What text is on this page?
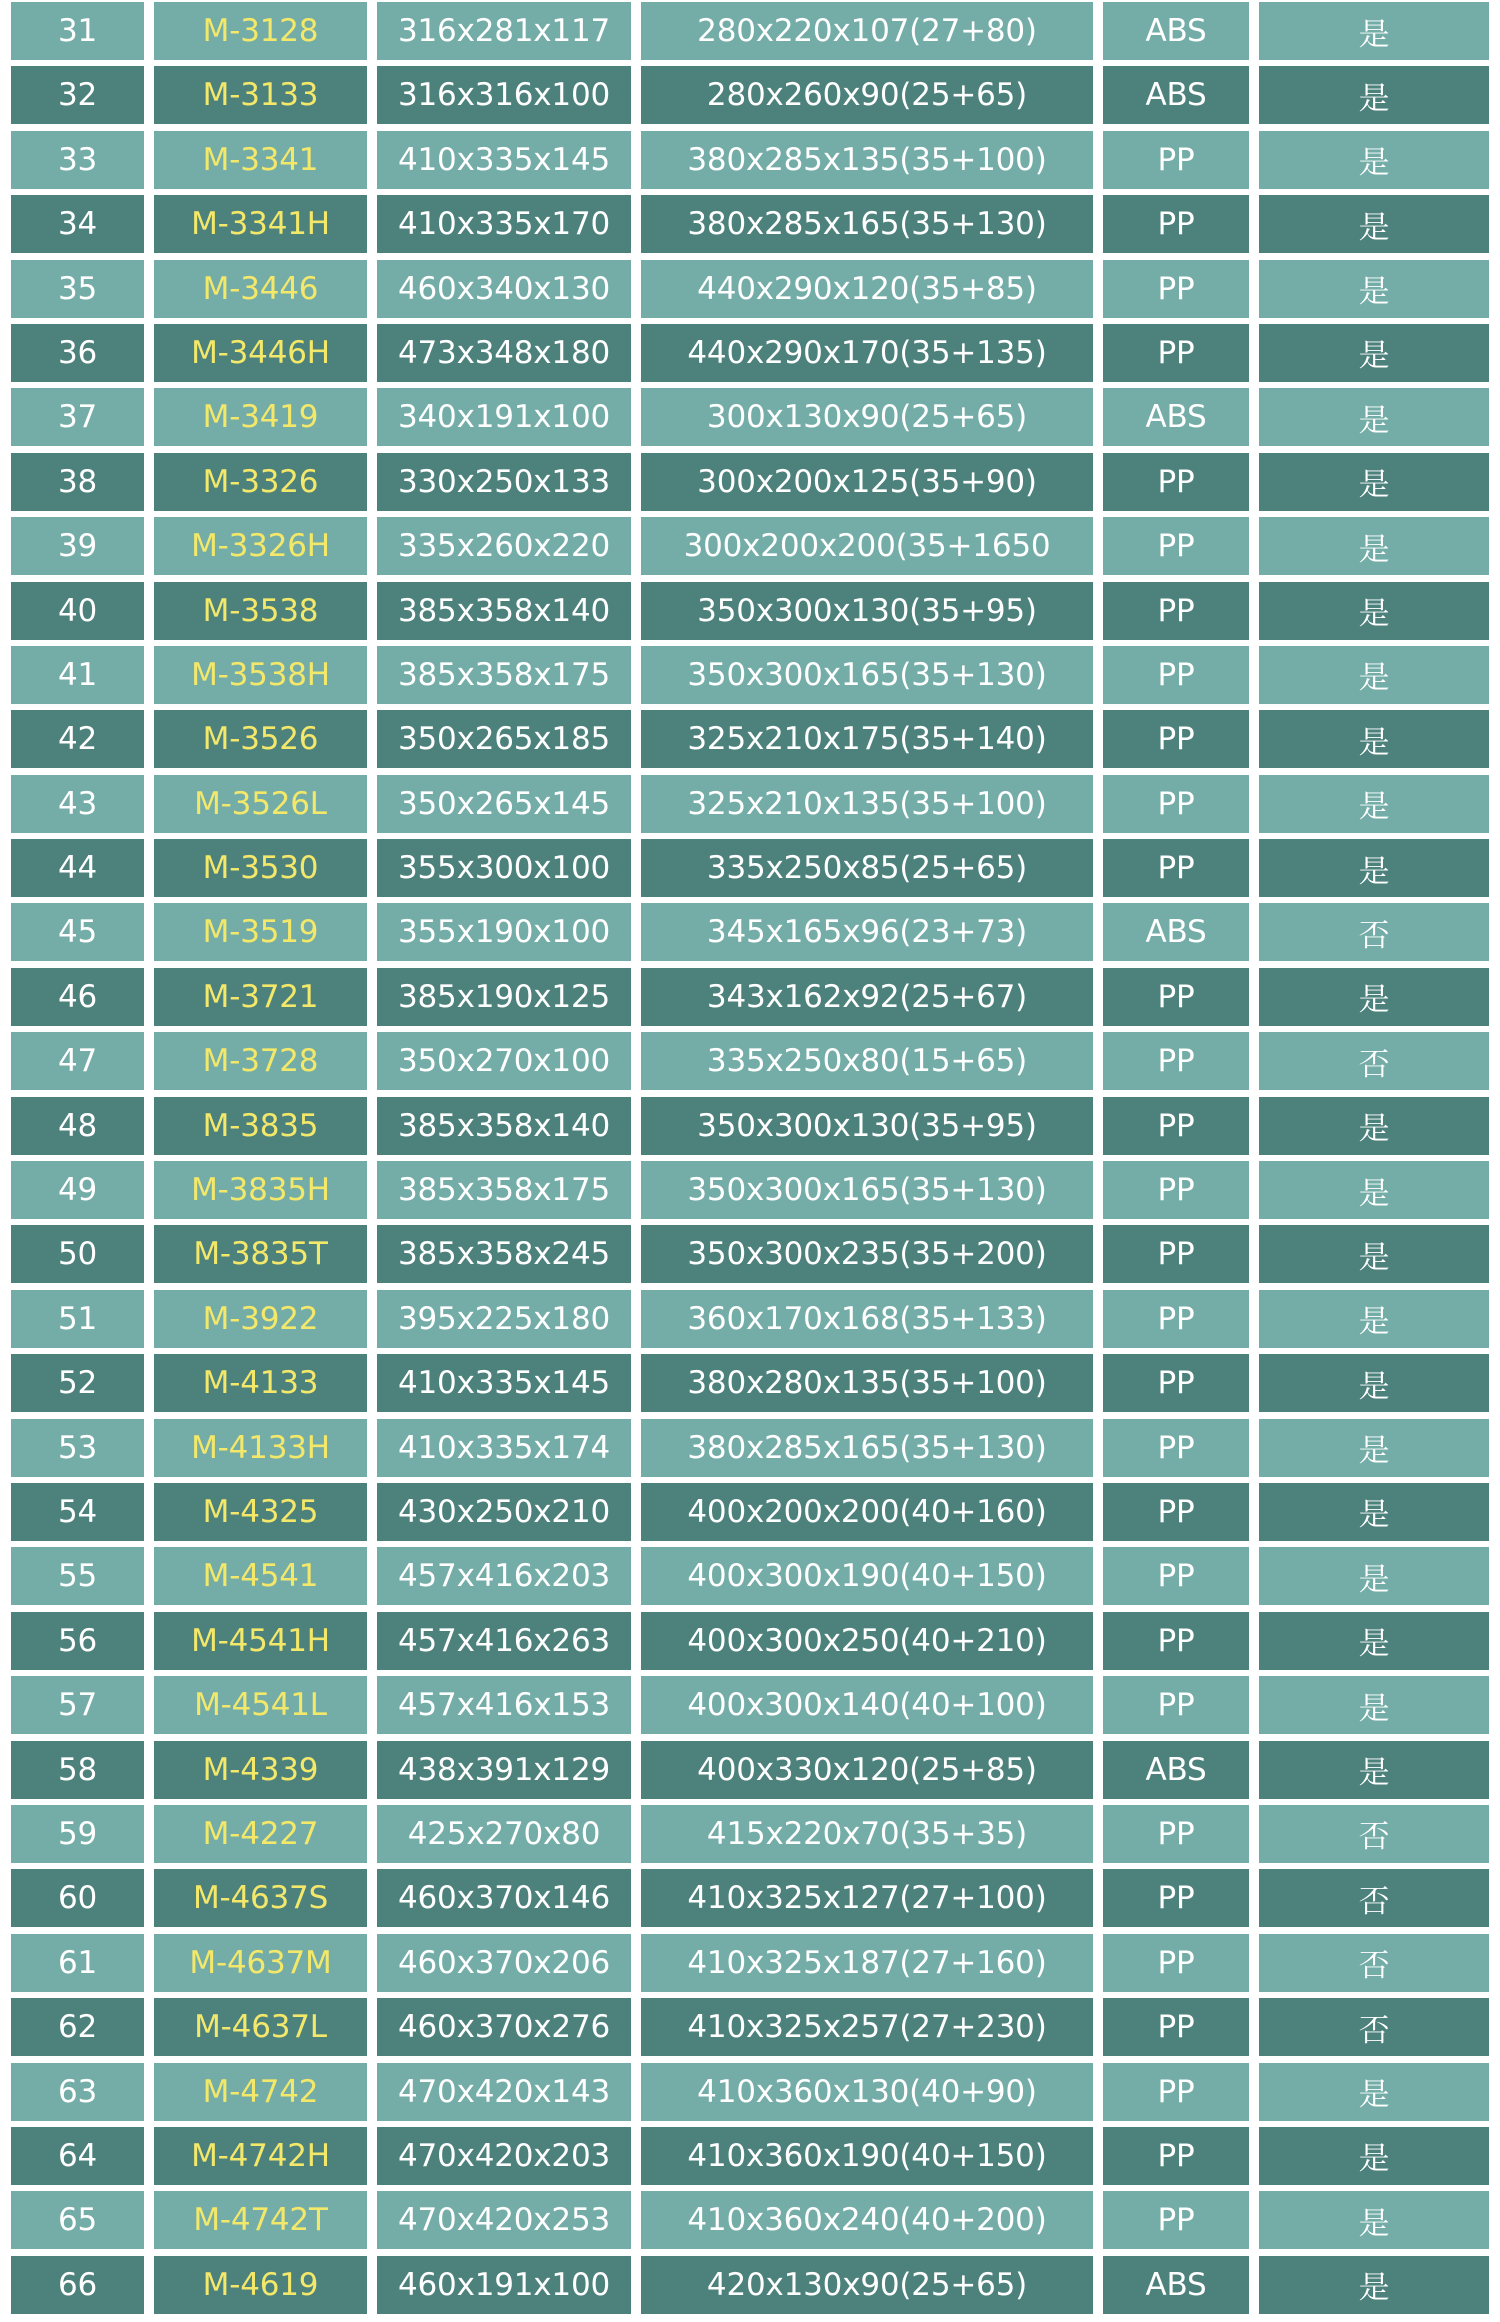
31	M-3128	316x281x117	280x220x107(27+80)	ABS	是
32	M-3133	316x316x100	280x260x90(25+65)	ABS	是
33	M-3341	410x335x145	380x285x135(35+100)	PP	是
34	M-3341H	410x335x170	380x285x165(35+130)	PP	是
35	M-3446	460x340x130	440x290x120(35+85)	PP	是
36	M-3446H	473x348x180	440x290x170(35+135)	PP	是
37	M-3419	340x191x100	300x130x90(25+65)	ABS	是
38	M-3326	330x250x133	300x200x125(35+90)	PP	是
39	M-3326H	335x260x220	300x200x200(35+1650	PP	是
40	M-3538	385x358x140	350x300x130(35+95)	PP	是
41	M-3538H	385x358x175	350x300x165(35+130)	PP	是
42	M-3526	350x265x185	325x210x175(35+140)	PP	是
43	M-3526L	350x265x145	325x210x135(35+100)	PP	是
44	M-3530	355x300x100	335x250x85(25+65)	PP	是
45	M-3519	355x190x100	345x165x96(23+73)	ABS	否
46	M-3721	385x190x125	343x162x92(25+67)	PP	是
47	M-3728	350x270x100	335x250x80(15+65)	PP	否
48	M-3835	385x358x140	350x300x130(35+95)	PP	是
49	M-3835H	385x358x175	350x300x165(35+130)	PP	是
50	M-3835T	385x358x245	350x300x235(35+200)	PP	是
51	M-3922	395x225x180	360x170x168(35+133)	PP	是
52	M-4133	410x335x145	380x280x135(35+100)	PP	是
53	M-4133H	410x335x174	380x285x165(35+130)	PP	是
54	M-4325	430x250x210	400x200x200(40+160)	PP	是
55	M-4541	457x416x203	400x300x190(40+150)	PP	是
56	M-4541H	457x416x263	400x300x250(40+210)	PP	是
57	M-4541L	457x416x153	400x300x140(40+100)	PP	是
58	M-4339	438x391x129	400x330x120(25+85)	ABS	是
59	M-4227	425x270x80	415x220x70(35+35)	PP	否
60	M-4637S	460x370x146	410x325x127(27+100)	PP	否
61	M-4637M	460x370x206	410x325x187(27+160)	PP	否
62	M-4637L	460x370x276	410x325x257(27+230)	PP	否
63	M-4742	470x420x143	410x360x130(40+90)	PP	是
64	M-4742H	470x420x203	410x360x190(40+150)	PP	是
65	M-4742T	470x420x253	410x360x240(40+200)	PP	是
66	M-4619	460x191x100	420x130x90(25+65)	ABS	是
